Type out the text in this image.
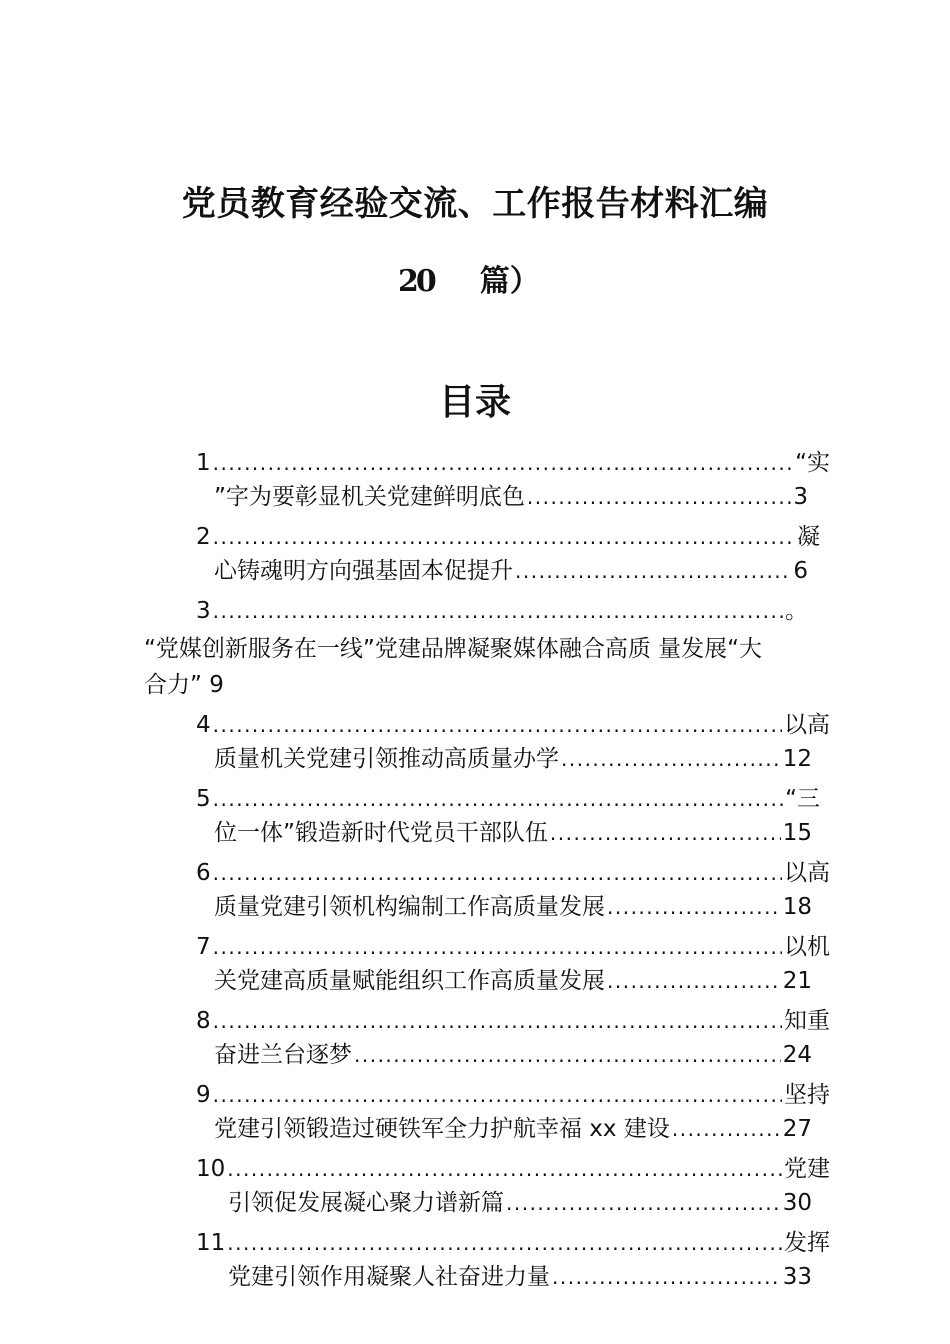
党员教育经验交流、工作报告材料汇编
20 篇）
目录
1 .....	“实
”字为要彰显机关党建鲜明底色 .....	3
2 .....	凝
心铸魂明方向强基固本促提升 .....	6
3 .....	。
“党媒创新服务在一线”党建品牌凝聚媒体融合高质 量发展“大
合力” 9
4 .....	以高
质量机关党建引领推动高质量办学 .....	12
5 .....	“三
位一体”锻造新时代党员干部队伍 .....	15
6 .....	以高
质量党建引领机构编制工作高质量发展 .....	18
7 .....	以机
关党建高质量赋能组织工作高质量发展 .....	21
8 .....	知重
奋进兰台逐梦 .....	24
9 .....	坚持
党建引领锻造过硬铁军全力护航幸福 xx 建设 .....	27
10 .....	党建
引领促发展凝心聚力谱新篇 .....	30
11 .....	发挥
党建引领作用凝聚人社奋进力量 .....	33
